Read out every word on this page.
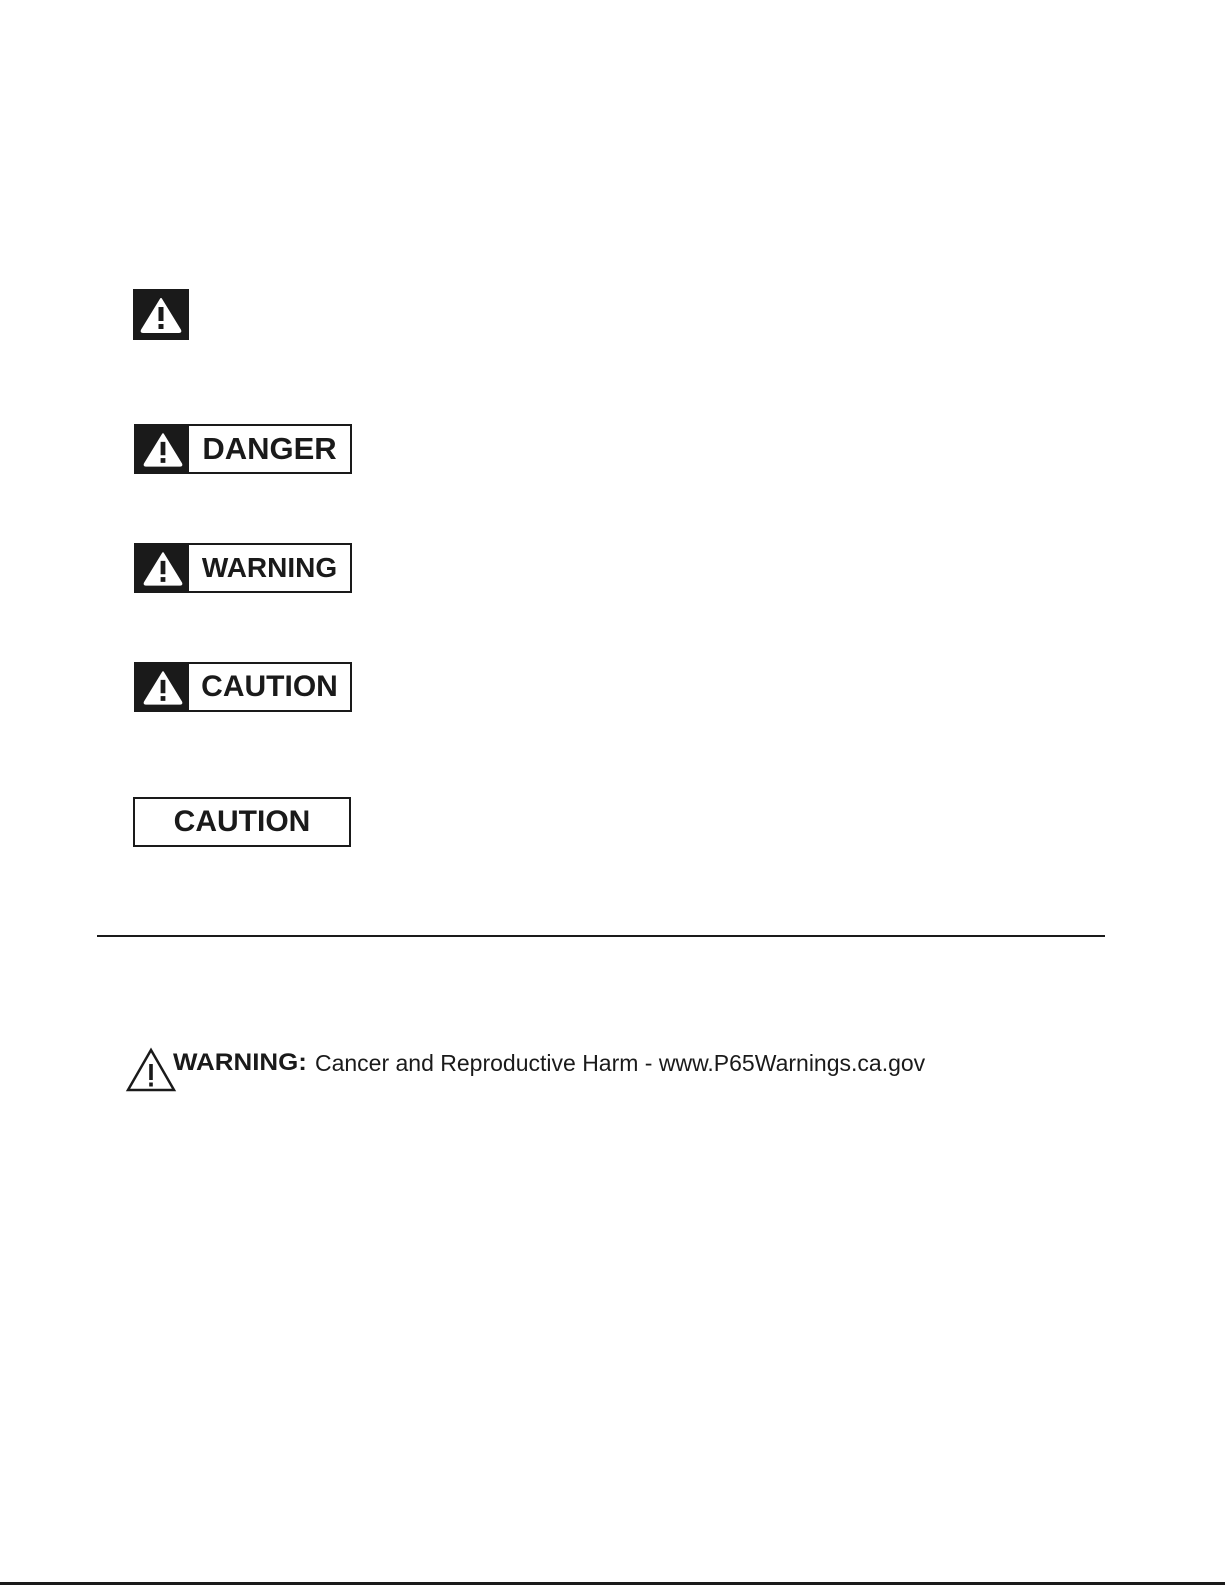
DANGER
WARNING
CAUTION
CAUTION
WARNING: Cancer and Reproductive Harm - www.P65Warnings.ca.gov
